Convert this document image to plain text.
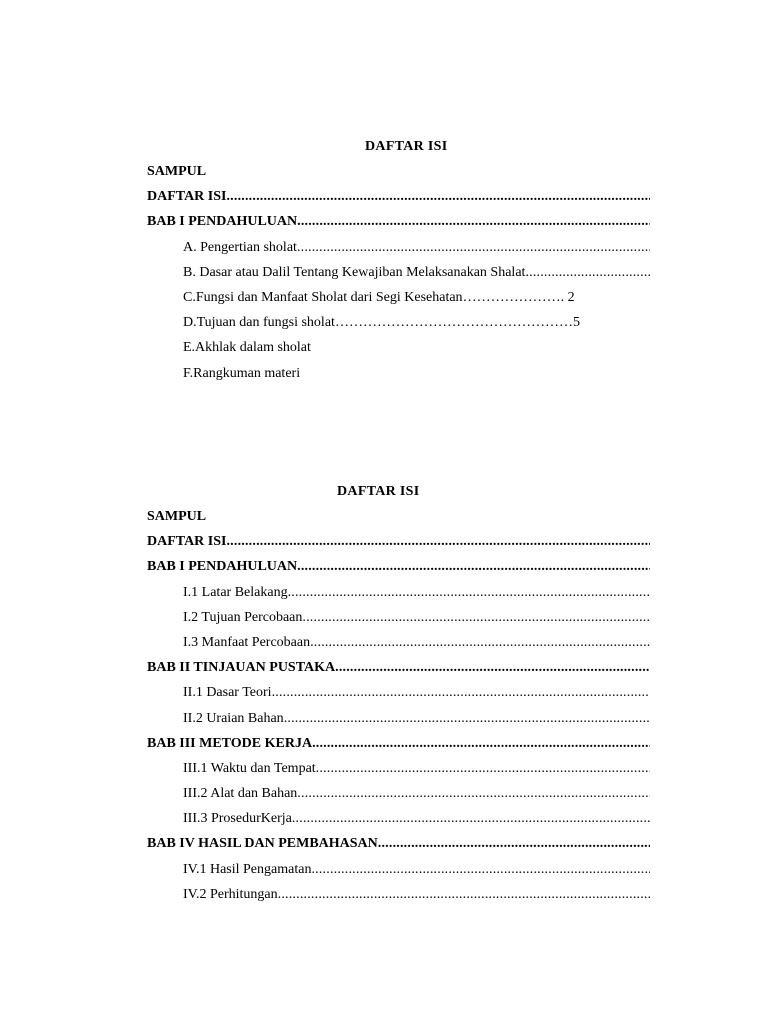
DAFTAR ISI
SAMPUL
DAFTAR ISI
.....
BAB I PENDAHULUAN
.....
A. Pengertian sholat
.....
B. Dasar atau Dalil Tentang Kewajiban Melaksanakan Shalat
.....
C.Fungsi dan Manfaat Sholat dari Segi Kesehatan …………………. 2
D.Tujuan dan fungsi sholat ……………………………………………5
E.Akhlak dalam sholat
F.Rangkuman materi
DAFTAR ISI
SAMPUL
DAFTAR ISI
.....
BAB I PENDAHULUAN
.....
I.1 Latar Belakang
.....
I.2 Tujuan Percobaan
.....
I.3 Manfaat Percobaan
.....
BAB II TINJAUAN PUSTAKA
.....
II.1 Dasar Teori
.....
II.2 Uraian Bahan
.....
BAB III METODE KERJA
.....
III.1 Waktu dan Tempat
.....
III.2 Alat dan Bahan
.....
III.3 ProsedurKerja
.....
BAB IV HASIL DAN PEMBAHASAN
.....
IV.1 Hasil Pengamatan
.....
IV.2 Perhitungan
.....
